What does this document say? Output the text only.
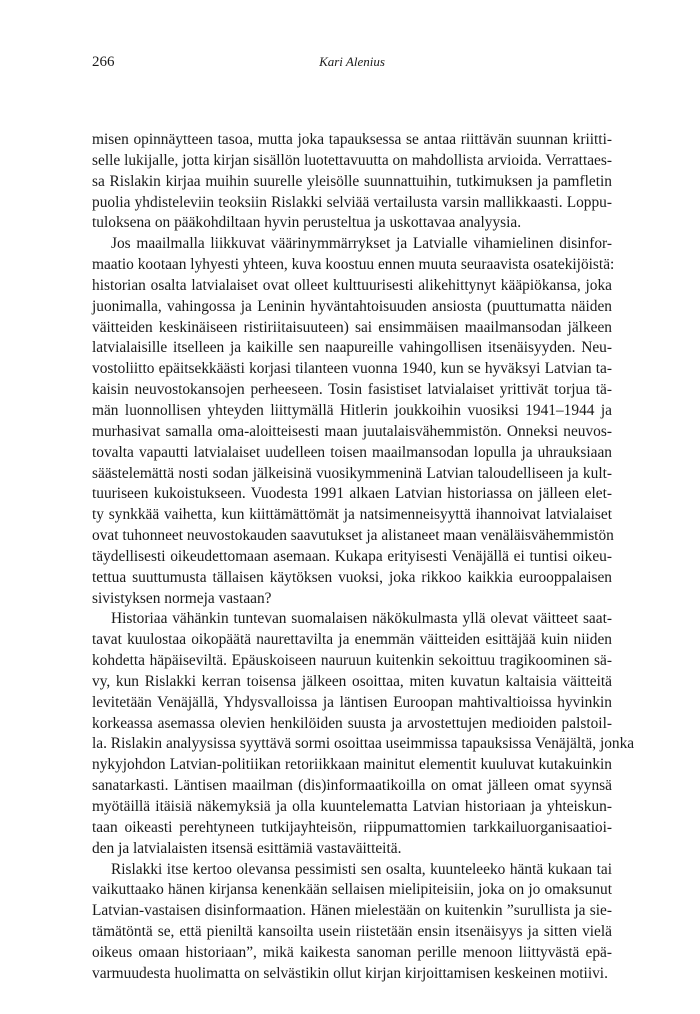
266	Kari Alenius
misen opinnäytteen tasoa, mutta joka tapauksessa se antaa riittävän suunnan kriitti-
selle lukijalle, jotta kirjan sisällön luotettavuutta on mahdollista arvioida. Verrattaes-
sa Rislakin kirjaa muihin suurelle yleisölle suunnattuihin, tutkimuksen ja pamfletin
puolia yhdisteleviin teoksiin Rislakki selviää vertailusta varsin mallikkaasti. Loppu-
tuloksena on pääkohdiltaan hyvin perusteltua ja uskottavaa analyysia.
Jos maailmalla liikkuvat väärinymmärrykset ja Latvialle vihamielinen disinfor-
maatio kootaan lyhyesti yhteen, kuva koostuu ennen muuta seuraavista osatekijöistä:
historian osalta latvialaiset ovat olleet kulttuurisesti alikehittynyt kääpiökansa, joka
juonimalla, vahingossa ja Leninin hyväntahtoisuuden ansiosta (puuttumatta näiden
väitteiden keskinäiseen ristiriitaisuuteen) sai ensimmäisen maailmansodan jälkeen
latvialaisille itselleen ja kaikille sen naapureille vahingollisen itsenäisyyden. Neu-
vostoliitto epäitsekkäästi korjasi tilanteen vuonna 1940, kun se hyväksyi Latvian ta-
kaisin neuvostokansojen perheeseen. Tosin fasistiset latvialaiset yrittivät torjua tä-
män luonnollisen yhteyden liittymällä Hitlerin joukkoihin vuosiksi 1941–1944 ja
murhasivat samalla oma-aloitteisesti maan juutalaisvähemmistön. Onneksi neuvos-
tovalta vapautti latvialaiset uudelleen toisen maailmansodan lopulla ja uhrauksiaan
säästelemättä nosti sodan jälkeisinä vuosikymmeninä Latvian taloudelliseen ja kult-
tuuriseen kukoistukseen. Vuodesta 1991 alkaen Latvian historiassa on jälleen elet-
ty synkkää vaihetta, kun kiittämättömät ja natsimenneisyyttä ihannoivat latvialaiset
ovat tuhonneet neuvostokauden saavutukset ja alistaneet maan venäläisvähemmistön
täydellisesti oikeudettomaan asemaan. Kukapa erityisesti Venäjällä ei tuntisi oikeu-
tettua suuttumusta tällaisen käytöksen vuoksi, joka rikkoo kaikkia eurooppalaisen
sivistyksen normeja vastaan?
Historiaa vähänkin tuntevan suomalaisen näkökulmasta yllä olevat väitteet saat-
tavat kuulostaa oikopäätä naurettavilta ja enemmän väitteiden esittäjää kuin niiden
kohdetta häpäiseviltä. Epäuskoiseen nauruun kuitenkin sekoittuu tragikoominen sä-
vy, kun Rislakki kerran toisensa jälkeen osoittaa, miten kuvatun kaltaisia väitteitä
levitetään Venäjällä, Yhdysvalloissa ja läntisen Euroopan mahtivaltioissa hyvinkin
korkeassa asemassa olevien henkilöiden suusta ja arvostettujen medioiden palstoil-
la. Rislakin analyysissa syyttävä sormi osoittaa useimmissa tapauksissa Venäjältä, jonka
nykyjohdon Latvian-politiikan retoriikkaan mainitut elementit kuuluvat kutakuinkin
sanatarkasti. Läntisen maailman (dis)informaatikoilla on omat jälleen omat syynsä
myötäillä itäisiä näkemyksiä ja olla kuuntelematta Latvian historiaan ja yhteiskun-
taan oikeasti perehtyneen tutkijayhteisön, riippumattomien tarkkailuorganisaatioi-
den ja latvialaisten itsensä esittämiä vastaväitteitä.
Rislakki itse kertoo olevansa pessimisti sen osalta, kuunteleeko häntä kukaan tai
vaikuttaako hänen kirjansa kenenkään sellaisen mielipiteisiin, joka on jo omaksunut
Latvian-vastaisen disinformaation. Hänen mielestään on kuitenkin ”surullista ja sie-
tämätöntä se, että pieniltä kansoilta usein riistetään ensin itsenäisyys ja sitten vielä
oikeus omaan historiaan”, mikä kaikesta sanoman perille menoon liittyvästä epä-
varmuudesta huolimatta on selvästikin ollut kirjan kirjoittamisen keskeinen motiivi.
